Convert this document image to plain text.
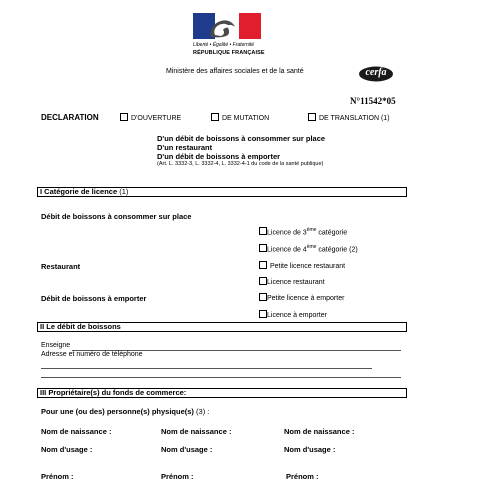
Liberté • Égalité • Fraternité
RÉPUBLIQUE FRANÇAISE
Ministère des affaires sociales et de la santé	cerfa
N°11542*05
DECLARATION	D'OUVERTURE	DE MUTATION	DE TRANSLATION (1)
D'un débit de boissons à consommer sur place
D'un restaurant
D'un débit de boissons à emporter
(Art. L. 3332-3, L. 3332-4, L. 3332-4-1 du code de la santé publique)
I Catégorie de licence (1)
Débit de boissons à consommer sur place
Licence de 3ème catégorie
Licence de 4ème catégorie (2)
Restaurant	Petite licence restaurant
Licence restaurant
Débit de boissons à emporter	Petite licence à emporter
Licence à emporter
II Le débit de boissons
Enseigne
Adresse et numéro de téléphone
III Propriétaire(s) du fonds de commerce:
Pour une (ou des) personne(s) physique(s) (3) :
Nom de naissance :	Nom de naissance :	Nom de naissance :
Nom d'usage :	Nom d'usage :	Nom d'usage :
Prénom :	Prénom :	Prénom :
